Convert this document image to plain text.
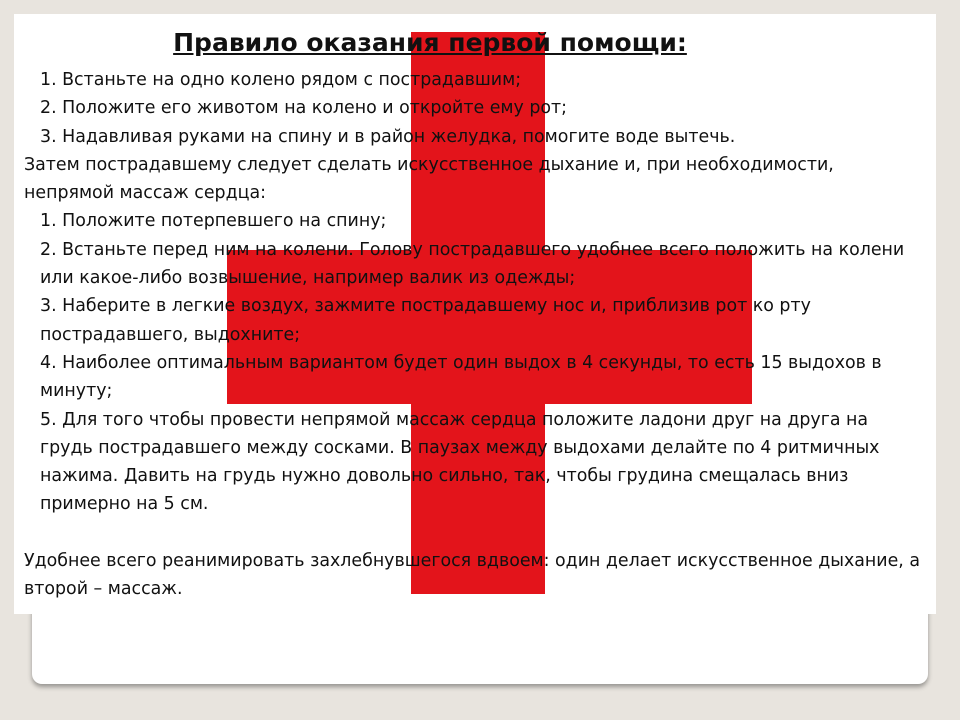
Правило оказания первой помощи:

1. Встаньте на одно колено рядом с пострадавшим;

2. Положите его животом на колено и откройте ему рот;

3. Надавливая руками на спину и в район желудка, помогите воде вытечь.

Затем пострадавшему следует сделать искусственное дыхание и, при необходимости, непрямой массаж сердца:

1. Положите потерпевшего на спину;

2. Встаньте перед ним на колени. Голову пострадавшего удобнее всего положить на колени или какое-либо возвышение, например валик из одежды;

3. Наберите в легкие воздух, зажмите пострадавшему нос и, приблизив рот ко рту пострадавшего, выдохните;

4. Наиболее оптимальным вариантом будет один выдох в 4 секунды, то есть 15 выдохов в минуту;

5. Для того чтобы провести непрямой массаж сердца положите ладони друг на друга на грудь пострадавшего между сосками. В паузах между выдохами делайте по 4 ритмичных нажима. Давить на грудь нужно довольно сильно, так, чтобы грудина смещалась вниз примерно на 5 см.

Удобнее всего реанимировать захлебнувшегося вдвоем: один делает искусственное дыхание, а второй – массаж.
